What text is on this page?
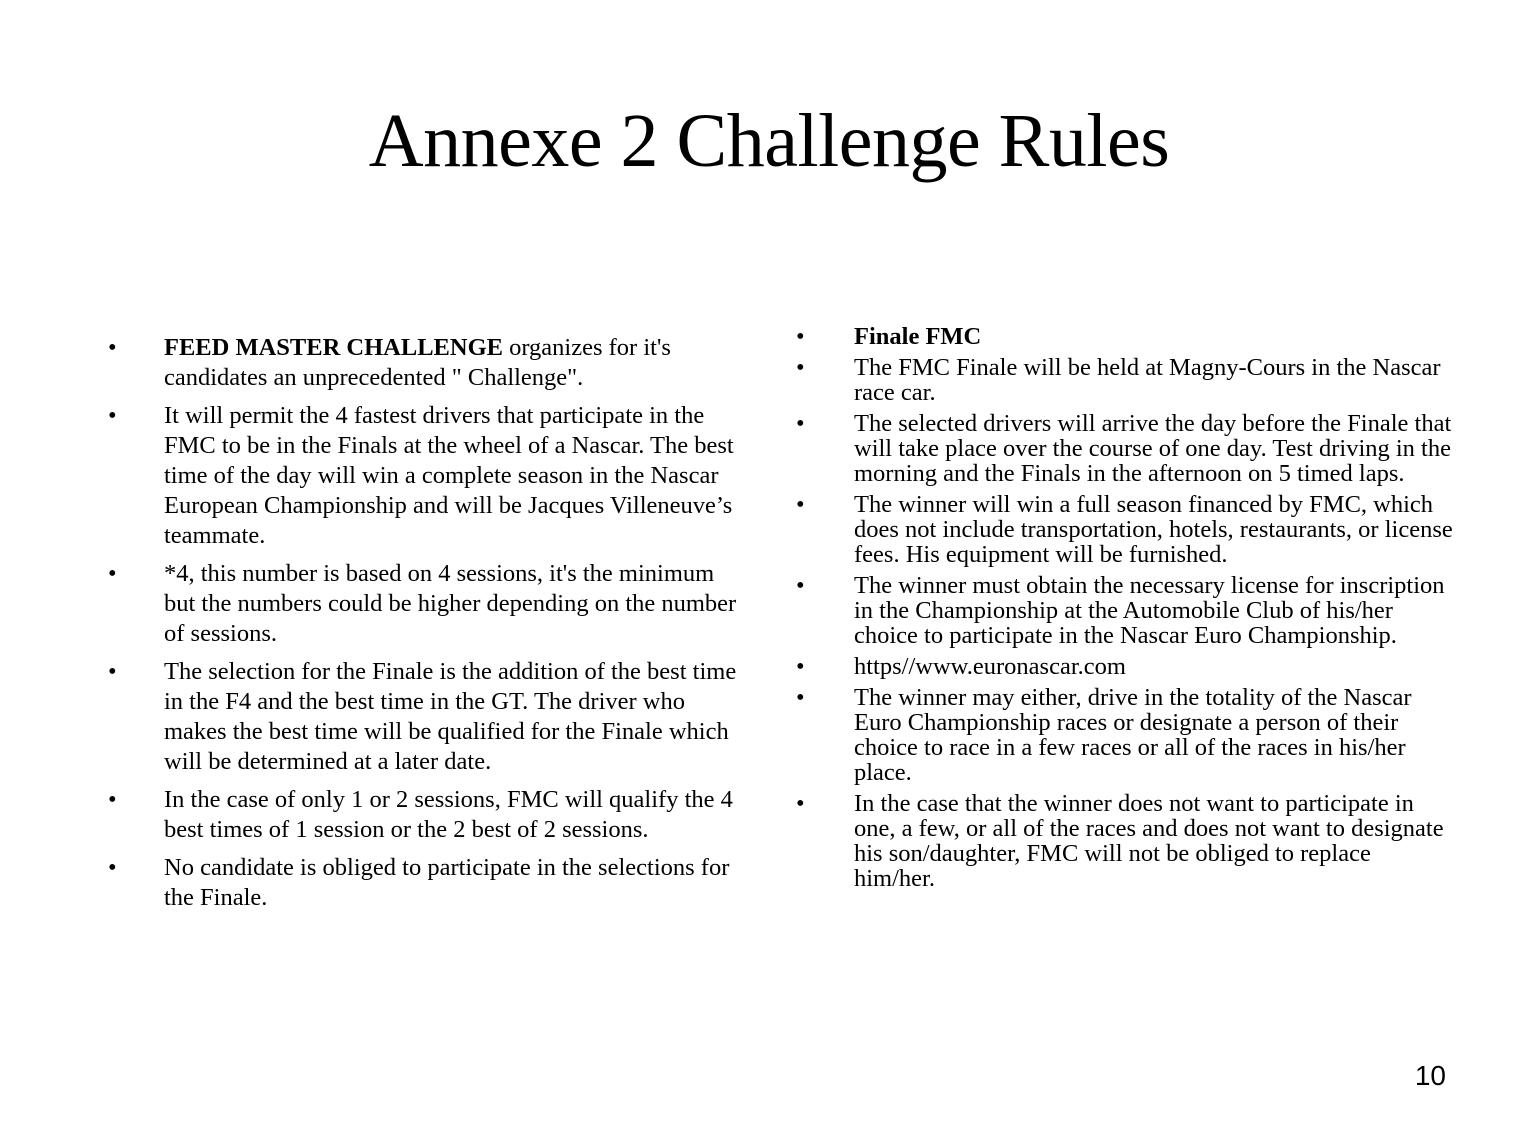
Annexe 2 Challenge Rules
•	FEED MASTER CHALLENGE organizes for it's candidates an unprecedented " Challenge".
•	It will permit the 4 fastest drivers that participate in the FMC to be in the Finals at the wheel of a Nascar. The best time of the day will win a complete season in the Nascar European Championship and will be Jacques Villeneuve’s teammate.
•	*4, this number is based on 4 sessions, it's the minimum but the numbers could be higher depending on the number of sessions.
•	The selection for the Finale is the addition of the best time in the F4 and the best time in the GT. The driver who makes the best time will be qualified for the Finale which will be determined at a later date.
•	In the case of only 1 or 2 sessions, FMC will qualify the 4 best times of 1 session or the 2 best of 2 sessions.
•	No candidate is obliged to participate in the selections for the Finale.
•	Finale FMC
•	The FMC Finale will be held at Magny-Cours in the Nascar race car.
•	The selected drivers will arrive the day before the Finale that will take place over the course of one day. Test driving in the morning and the Finals in the afternoon on 5 timed laps.
•	The winner will win a full season financed by FMC, which does not include transportation, hotels, restaurants, or license fees. His equipment will be furnished.
•	The winner must obtain the necessary license for inscription in the Championship at the Automobile Club of his/her choice to participate in the Nascar Euro Championship.
•	https//www.euronascar.com
•	The winner may either, drive in the totality of the Nascar Euro Championship races or designate a person of their choice to race in a few races or all of the races in his/her place.
•	In the case that the winner does not want to participate in one, a few, or all of the races and does not want to designate his son/daughter, FMC will not be obliged to replace him/her.
10
